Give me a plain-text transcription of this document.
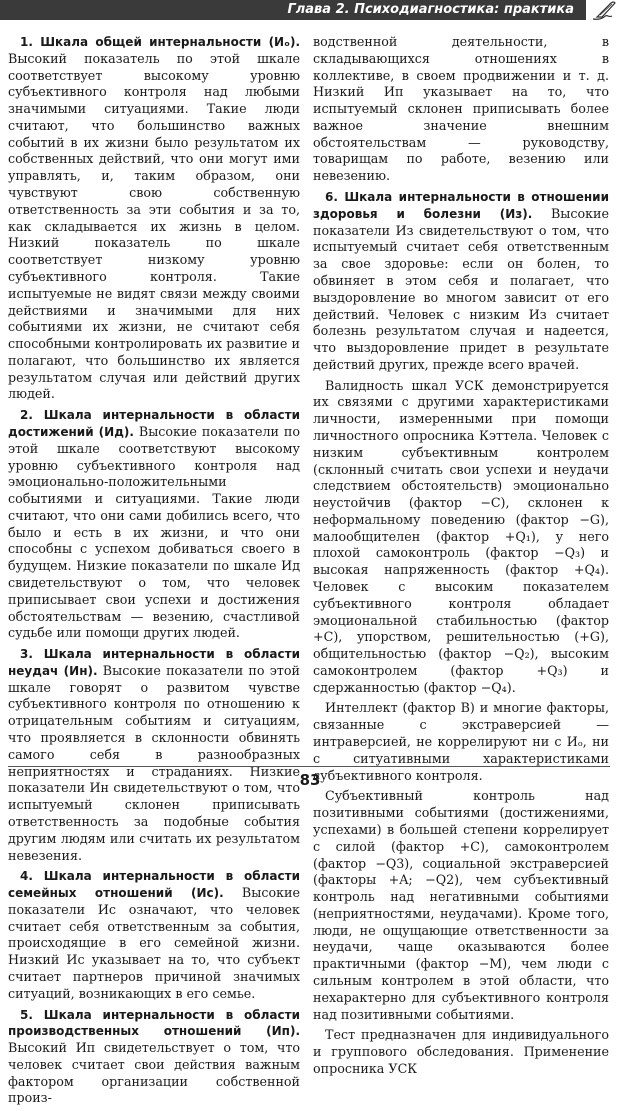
Глава 2. Психодиагностика: практика

1. Шкала общей интернальности (Иₒ). Высокий показатель по этой шкале соответствует высокому уровню субъективного контроля над любыми значимыми ситуациями. Такие люди считают, что большинство важных событий в их жизни было результатом их собственных действий, что они могут ими управлять, и, таким образом, они чувствуют свою собственную ответственность за эти события и за то, как складывается их жизнь в целом. Низкий показатель по шкале соответствует низкому уровню субъективного контроля. Такие испытуемые не видят связи между своими действиями и значимыми для них событиями их жизни, не считают себя способными контролировать их развитие и полагают, что большинство их является результатом случая или действий других людей.

2. Шкала интернальности в области достижений (Ид). Высокие показатели по этой шкале соответствуют высокому уровню субъективного контроля над эмоционально-положительными событиями и ситуациями. Такие люди считают, что они сами добились всего, что было и есть в их жизни, и что они способны с успехом добиваться своего в будущем. Низкие показатели по шкале Ид свидетельствуют о том, что человек приписывает свои успехи и достижения обстоятельствам — везению, счастливой судьбе или помощи других людей.

3. Шкала интернальности в области неудач (Ин). Высокие показатели по этой шкале говорят о развитом чувстве субъективного контроля по отношению к отрицательным событиям и ситуациям, что проявляется в склонности обвинять самого себя в разнообразных неприятностях и страданиях. Низкие показатели Ин свидетельствуют о том, что испытуемый склонен приписывать ответственность за подобные события другим людям или считать их результатом невезения.

4. Шкала интернальности в области семейных отношений (Ис). Высокие показатели Ис означают, что человек считает себя ответственным за события, происходящие в его семейной жизни. Низкий Ис указывает на то, что субъект считает партнеров причиной значимых ситуаций, возникающих в его семье.

5. Шкала интернальности в области производственных отношений (Ип). Высокий Ип свидетельствует о том, что человек считает свои действия важным фактором организации собственной произ-

водственной деятельности, в складывающихся отношениях в коллективе, в своем продвижении и т. д. Низкий Ип указывает на то, что испытуемый склонен приписывать более важное значение внешним обстоятельствам — руководству, товарищам по работе, везению или невезению.

6. Шкала интернальности в отношении здоровья и болезни (Из). Высокие показатели Из свидетельствуют о том, что испытуемый считает себя ответственным за свое здоровье: если он болен, то обвиняет в этом себя и полагает, что выздоровление во многом зависит от его действий. Человек с низким Из считает болезнь результатом случая и надеется, что выздоровление придет в результате действий других, прежде всего врачей.

Валидность шкал УСК демонстрируется их связями с другими характеристиками личности, измеренными при помощи личностного опросника Кэттела. Человек с низким субъективным контролем (склонный считать свои успехи и неудачи следствием обстоятельств) эмоционально неустойчив (фактор −C), склонен к неформальному поведению (фактор −G), малообщителен (фактор +Q₁), у него плохой самоконтроль (фактор −Q₃) и высокая напряженность (фактор +Q₄). Человек с высоким показателем субъективного контроля обладает эмоциональной стабильностью (фактор +C), упорством, решительностью (+G), общительностью (фактор −Q₂), высоким самоконтролем (фактор +Q₃) и сдержанностью (фактор −Q₄).

Интеллект (фактор В) и многие факторы, связанные с экстраверсией — интраверсией, не коррелируют ни с Иₒ, ни с ситуативными характеристиками субъективного контроля.

Субъективный контроль над позитивными событиями (достижениями, успехами) в большей степени коррелирует с силой (фактор +C), самоконтролем (фактор −Q3), социальной экстраверсией (факторы +A; −Q2), чем субъективный контроль над негативными событиями (неприятностями, неудачами). Кроме того, люди, не ощущающие ответственности за неудачи, чаще оказываются более практичными (фактор −M), чем люди с сильным контролем в этой области, что нехарактерно для субъективного контроля над позитивными событиями.

Тест предназначен для индивидуального и группового обследования. Применение опросника УСК

83
